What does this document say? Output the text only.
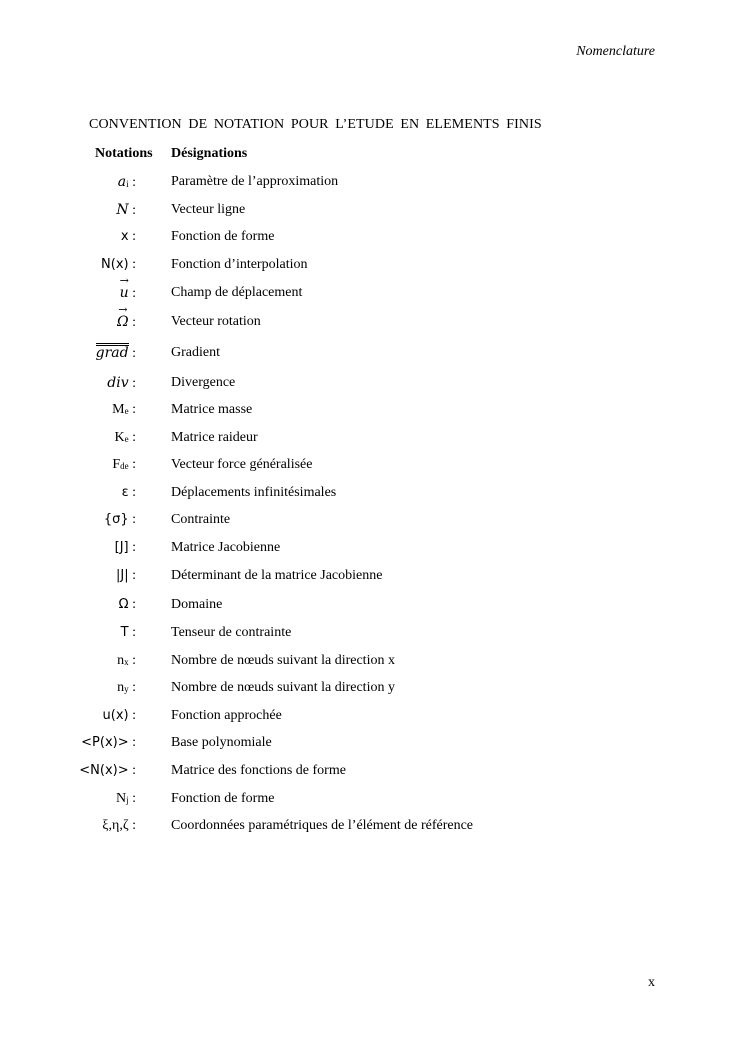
Nomenclature
CONVENTION DE NOTATION POUR L’ETUDE EN ELEMENTS FINIS
Notations Désignations
$a_i$ :	Paramètre de l’approximation
N :	Vecteur ligne
x :	Fonction de forme
N(x) :	Fonction d’interpolation
→ u :	Champ de déplacement
→ Ω :	Vecteur rotation
grad :	Gradient
div :	Divergence
$M_e$ :	Matrice masse
$K_e$ :	Matrice raideur
$F_{de}$ :	Vecteur force généralisée
ε :	Déplacements infinitésimales
{σ} :	Contrainte
[J] :	Matrice Jacobienne
|J| :	Déterminant de la matrice Jacobienne
Ω :	Domaine
T :	Tenseur de contrainte
$n_x$ :	Nombre de nœuds suivant la direction x
$n_y$ :	Nombre de nœuds suivant la direction y
u(x) :	Fonction approchée
<P(x)> :	Base polynomiale
<N(x)> :	Matrice des fonctions de forme
$N_j$ :	Fonction de forme
ξ,η,ζ :	Coordonnées paramétriques de l’élément de référence
x
